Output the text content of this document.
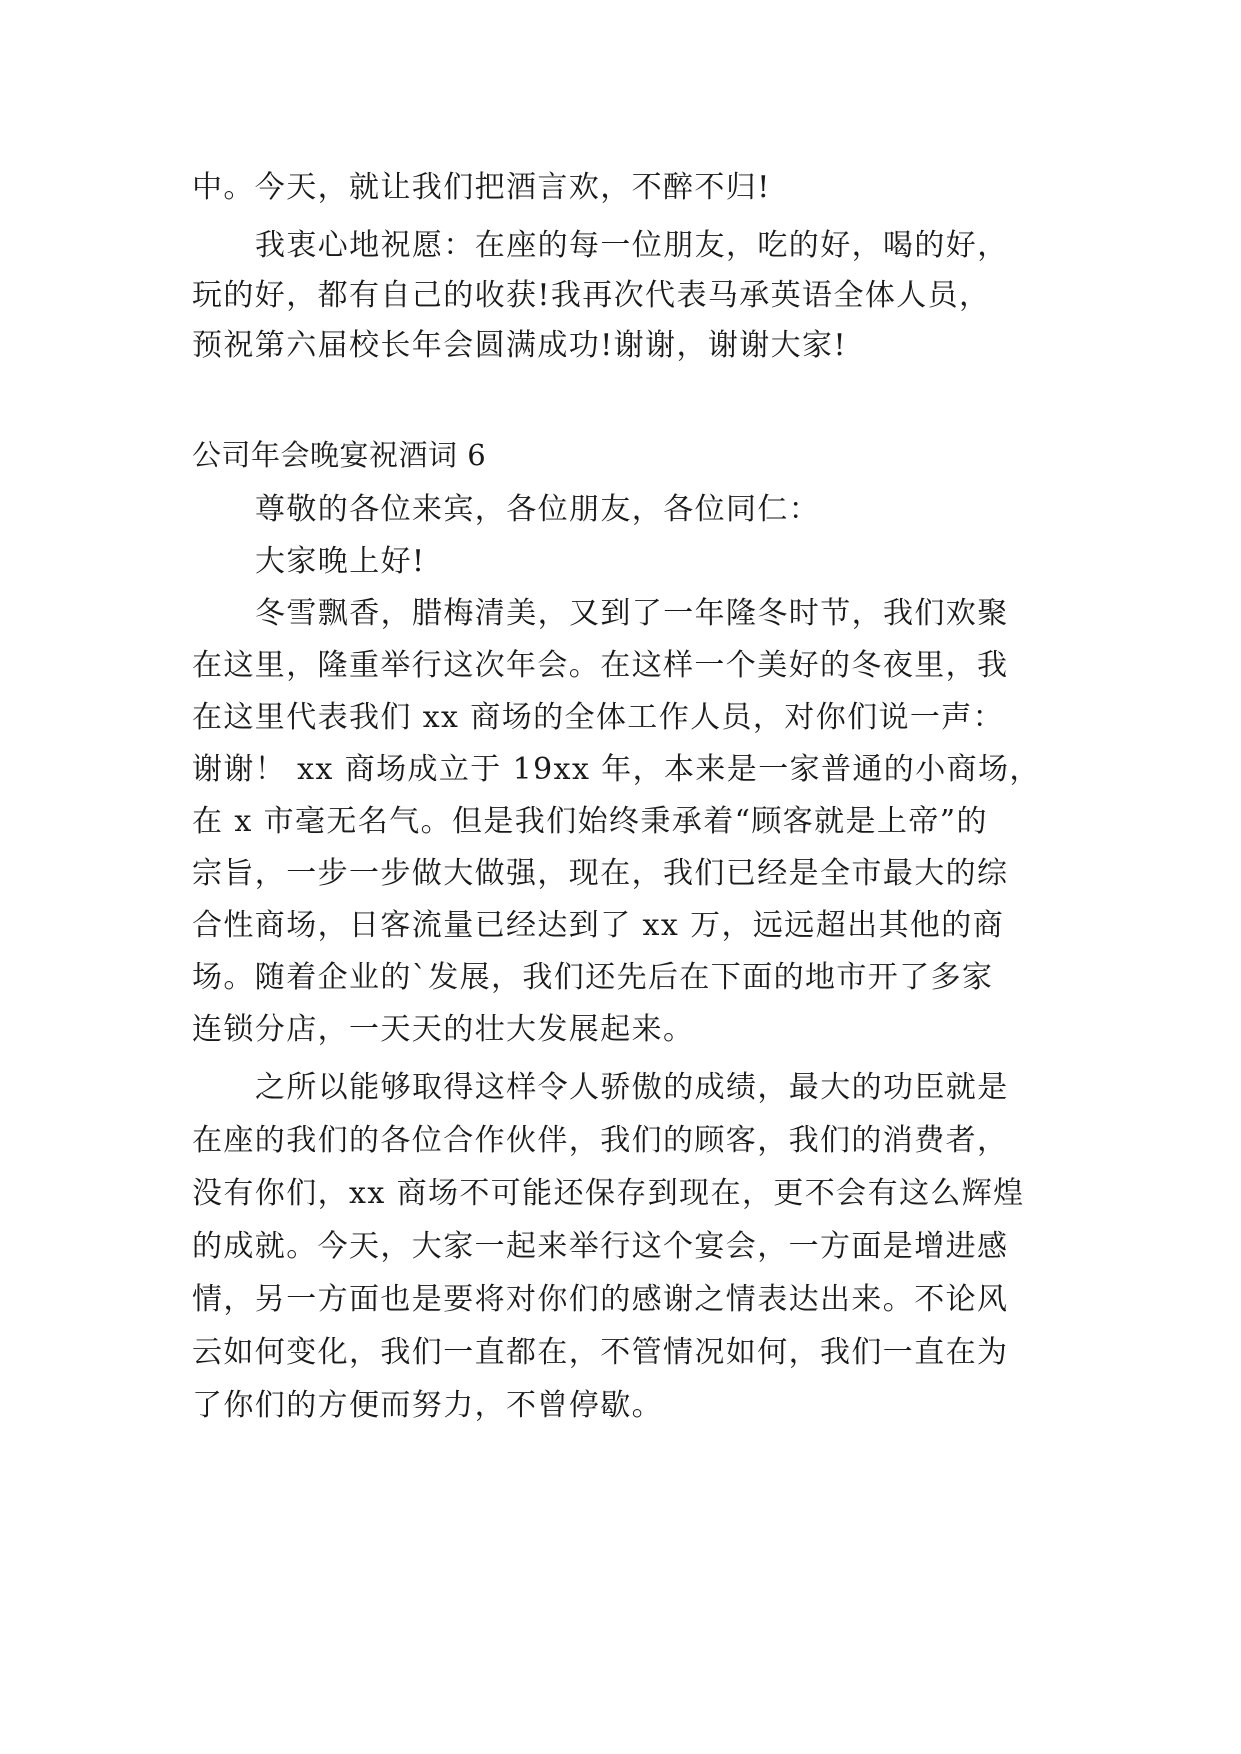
中。今天，就让我们把酒言欢，不醉不归!
我衷心地祝愿：在座的每一位朋友，吃的好，喝的好，
玩的好，都有自己的收获!我再次代表马承英语全体人员，
预祝第六届校长年会圆满成功!谢谢，谢谢大家!
公司年会晚宴祝酒词 6
尊敬的各位来宾，各位朋友，各位同仁：
大家晚上好!
冬雪飘香，腊梅清美，又到了一年隆冬时节，我们欢聚
在这里，隆重举行这次年会。在这样一个美好的冬夜里，我
在这里代表我们 xx 商场的全体工作人员，对你们说一声：
谢谢！ xx 商场成立于 19xx 年，本来是一家普通的小商场，
在 x 市毫无名气。但是我们始终秉承着“顾客就是上帝”的
宗旨，一步一步做大做强，现在，我们已经是全市最大的综
合性商场，日客流量已经达到了 xx 万，远远超出其他的商
场。随着企业的`发展，我们还先后在下面的地市开了多家
连锁分店，一天天的壮大发展起来。
之所以能够取得这样令人骄傲的成绩，最大的功臣就是
在座的我们的各位合作伙伴，我们的顾客，我们的消费者，
没有你们，xx 商场不可能还保存到现在，更不会有这么辉煌
的成就。今天，大家一起来举行这个宴会，一方面是增进感
情，另一方面也是要将对你们的感谢之情表达出来。不论风
云如何变化，我们一直都在，不管情况如何，我们一直在为
了你们的方便而努力，不曾停歇。
